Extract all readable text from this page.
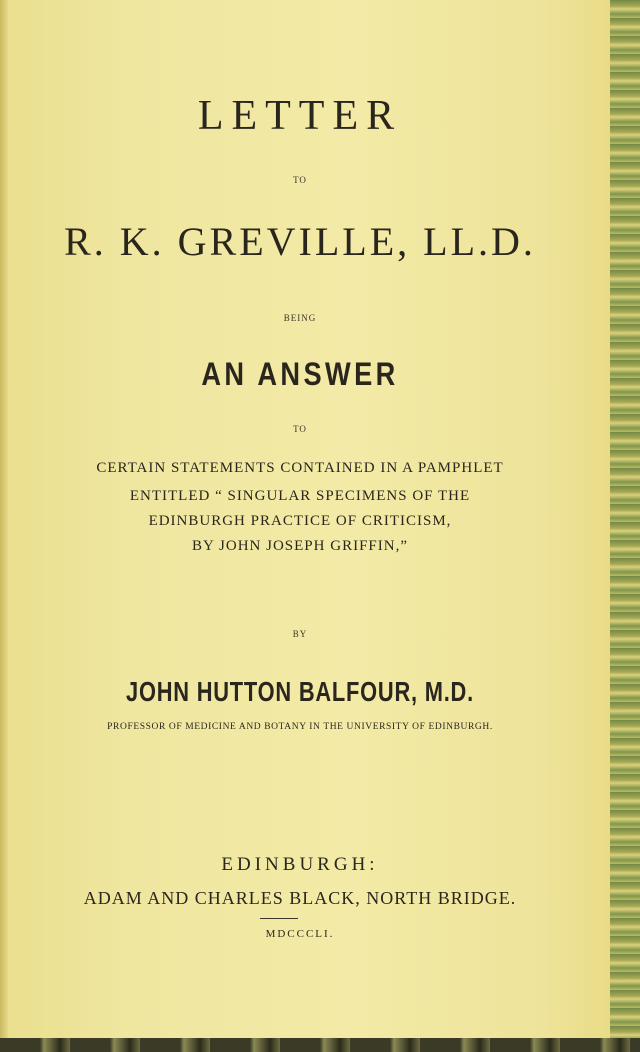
LETTER
TO
R. K. GREVILLE, LL.D.
BEING
AN ANSWER
TO
CERTAIN STATEMENTS CONTAINED IN A PAMPHLET
ENTITLED “ SINGULAR SPECIMENS OF THE
EDINBURGH PRACTICE OF CRITICISM,
BY JOHN JOSEPH GRIFFIN,”
BY
JOHN HUTTON BALFOUR, M.D.
PROFESSOR OF MEDICINE AND BOTANY IN THE UNIVERSITY OF EDINBURGH.
EDINBURGH:
ADAM AND CHARLES BLACK, NORTH BRIDGE.
MDCCCLI.
